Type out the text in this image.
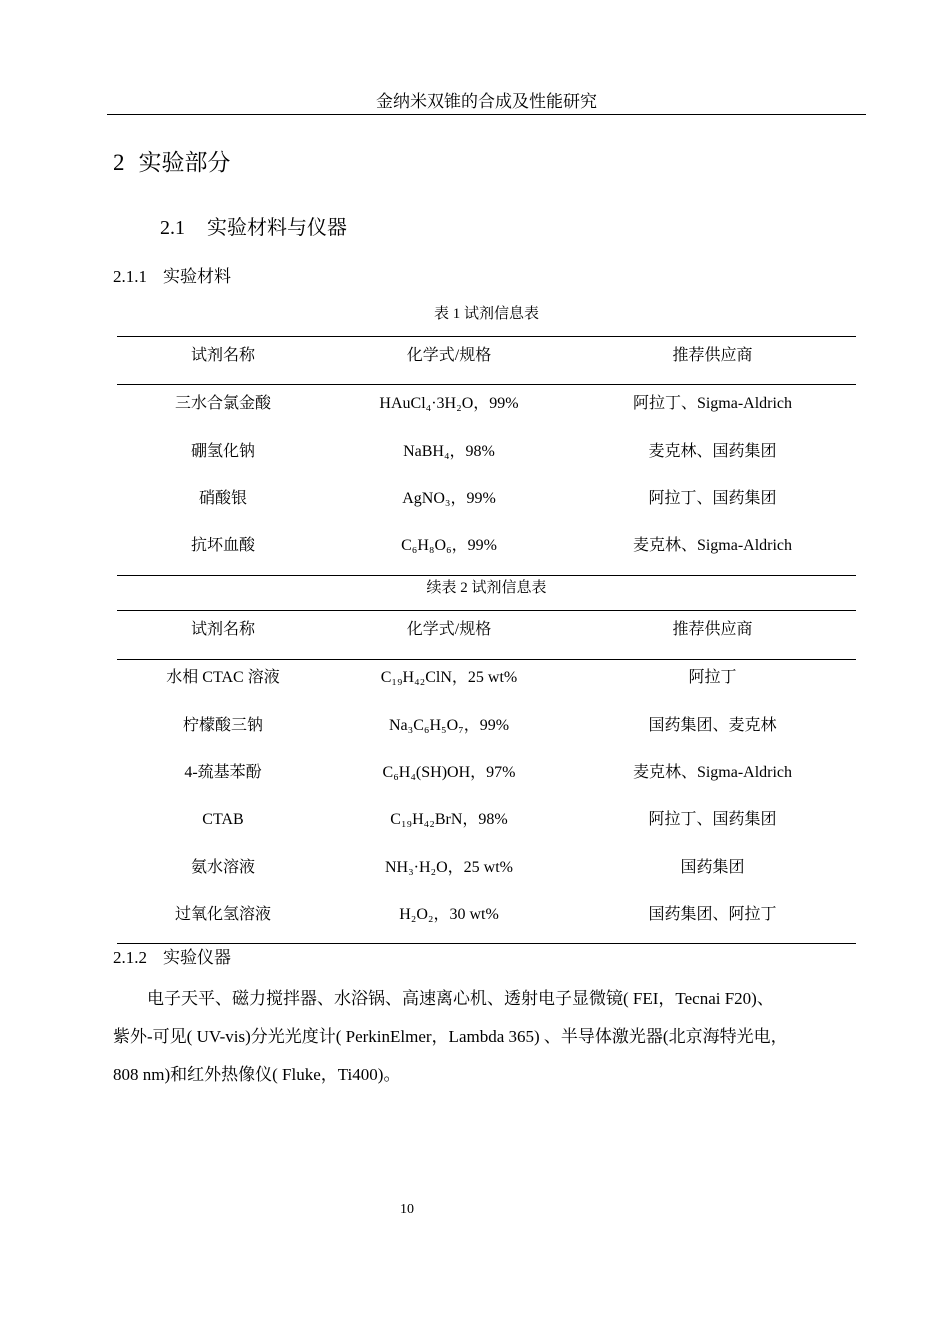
金纳米双锥的合成及性能研究
2 实验部分
2.1 实验材料与仪器
2.1.1 实验材料
表 1 试剂信息表
试剂名称	化学式/规格	推荐供应商
三水合氯金酸	HAuCl₄·3H₂O，99%	阿拉丁、Sigma-Aldrich
硼氢化钠	NaBH₄，98%	麦克林、国药集团
硝酸银	AgNO₃，99%	阿拉丁、国药集团
抗坏血酸	C₆H₈O₆，99%	麦克林、Sigma-Aldrich
续表 2 试剂信息表
试剂名称	化学式/规格	推荐供应商
水相 CTAC 溶液	C₁₉H₄₂ClN，25 wt%	阿拉丁
柠檬酸三钠	Na₃C₆H₅O₇，99%	国药集团、麦克林
4-巯基苯酚	C₆H₄(SH)OH，97%	麦克林、Sigma-Aldrich
CTAB	C₁₉H₄₂BrN，98%	阿拉丁、国药集团
氨水溶液	NH₃·H₂O，25 wt%	国药集团
过氧化氢溶液	H₂O₂，30 wt%	国药集团、阿拉丁
2.1.2 实验仪器

　　电子天平、磁力搅拌器、水浴锅、高速离心机、透射电子显微镜( FEI，Tecnai F20)、

紫外-可见( UV-vis)分光光度计( PerkinElmer，Lambda 365) 、半导体激光器(北京海特光电，

808 nm)和红外热像仪( Fluke，Ti400)。

10
